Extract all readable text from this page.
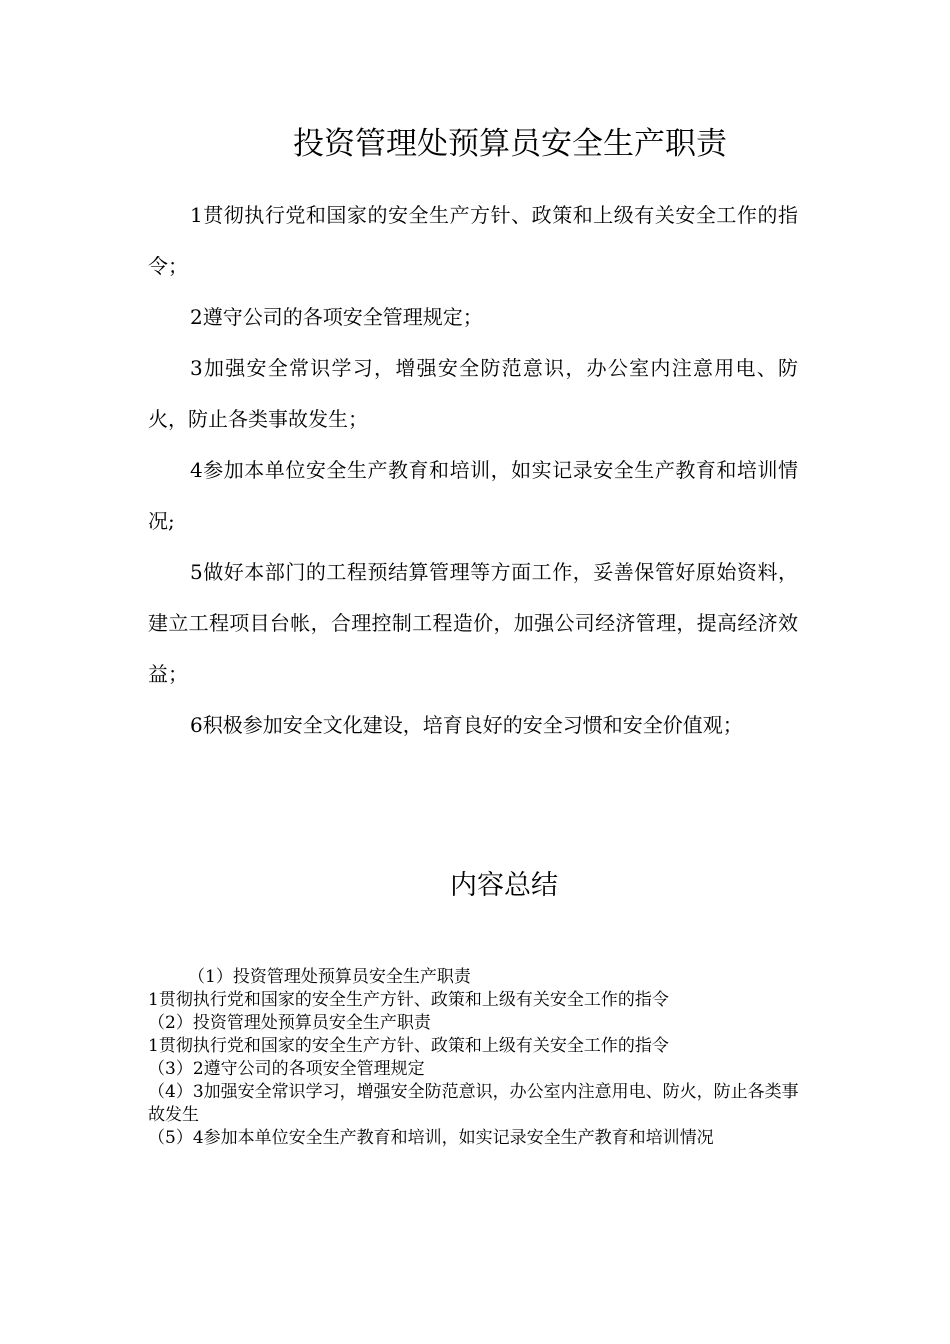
投资管理处预算员安全生产职责

1贯彻执行党和国家的安全生产方针、政策和上级有关安全工作的指令；

2遵守公司的各项安全管理规定；

3加强安全常识学习，增强安全防范意识，办公室内注意用电、防火，防止各类事故发生；

4参加本单位安全生产教育和培训，如实记录安全生产教育和培训情况;

5做好本部门的工程预结算管理等方面工作，妥善保管好原始资料，建立工程项目台帐，合理控制工程造价，加强公司经济管理，提高经济效益；

6积极参加安全文化建设，培育良好的安全习惯和安全价值观；

内容总结
（1）投资管理处预算员安全生产职责
1贯彻执行党和国家的安全生产方针、政策和上级有关安全工作的指令
（2）投资管理处预算员安全生产职责
1贯彻执行党和国家的安全生产方针、政策和上级有关安全工作的指令
（3）2遵守公司的各项安全管理规定
（4）3加强安全常识学习，增强安全防范意识，办公室内注意用电、防火，防止各类事故发生
（5）4参加本单位安全生产教育和培训，如实记录安全生产教育和培训情况
